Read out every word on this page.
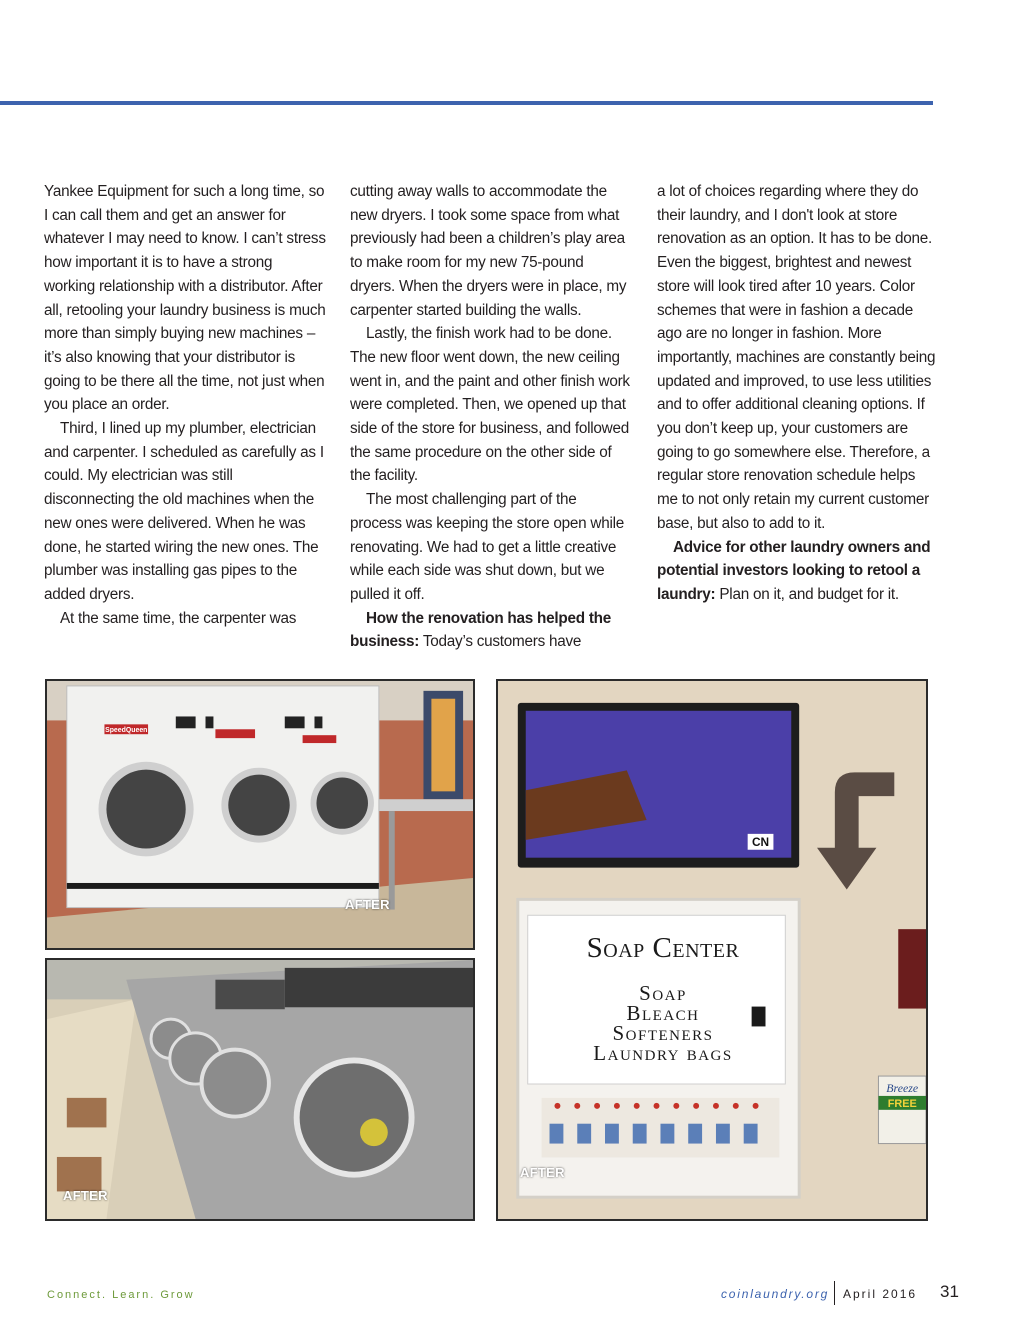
Yankee Equipment for such a long time, so I can call them and get an answer for whatever I may need to know. I can’t stress how important it is to have a strong working relationship with a distributor. After all, retooling your laundry business is much more than simply buying new machines – it’s also knowing that your distributor is going to be there all the time, not just when you place an order.

Third, I lined up my plumber, electrician and carpenter. I scheduled as carefully as I could. My electrician was still disconnecting the old machines when the new ones were delivered. When he was done, he started wiring the new ones. The plumber was installing gas pipes to the added dryers.

At the same time, the carpenter was

cutting away walls to accommodate the new dryers. I took some space from what previously had been a children’s play area to make room for my new 75-pound dryers. When the dryers were in place, my carpenter started building the walls.

Lastly, the finish work had to be done. The new floor went down, the new ceiling went in, and the paint and other finish work were completed. Then, we opened up that side of the store for business, and followed the same procedure on the other side of the facility.

The most challenging part of the process was keeping the store open while renovating. We had to get a little creative while each side was shut down, but we pulled it off.

How the renovation has helped the business: Today’s customers have

a lot of choices regarding where they do their laundry, and I don't look at store renovation as an option. It has to be done. Even the biggest, brightest and newest store will look tired after 10 years. Color schemes that were in fashion a decade ago are no longer in fashion. More importantly, machines are constantly being updated and improved, to use less utilities and to offer additional cleaning options. If you don’t keep up, your customers are going to go somewhere else. Therefore, a regular store renovation schedule helps me to not only retain my current customer base, but also to add to it.

Advice for other laundry owners and potential investors looking to retool a laundry: Plan on it, and budget for it.

SpeedQueen
AFTER
AFTER
CN
Breeze
FREE
Soap Center
Soap
Bleach
Softeners
Laundry bags
AFTER
Connect. Learn. Grow	coinlaundry.org April 2016 31
